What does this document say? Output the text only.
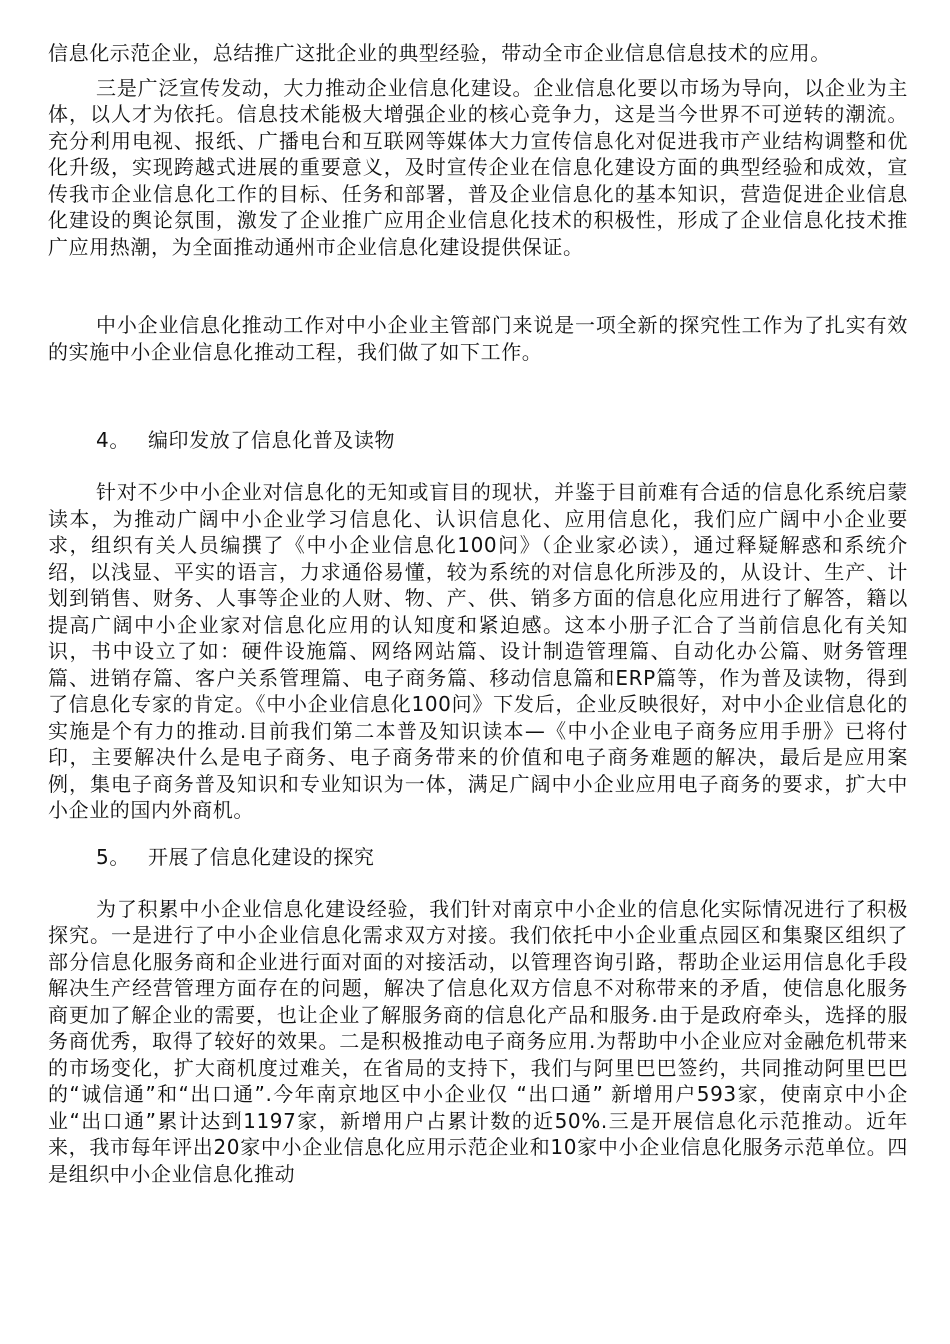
信息化示范企业，总结推广这批企业的典型经验，带动全市企业信息信息技术的应用。

三是广泛宣传发动，大力推动企业信息化建设。企业信息化要以市场为导向，以企业为主体，以人才为依托。信息技术能极大增强企业的核心竞争力，这是当今世界不可逆转的潮流。充分利用电视、报纸、广播电台和互联网等媒体大力宣传信息化对促进我市产业结构调整和优化升级，实现跨越式进展的重要意义，及时宣传企业在信息化建设方面的典型经验和成效，宣传我市企业信息化工作的目标、任务和部署，普及企业信息化的基本知识，营造促进企业信息化建设的舆论氛围，激发了企业推广应用企业信息化技术的积极性，形成了企业信息化技术推广应用热潮，为全面推动通州市企业信息化建设提供保证。

中小企业信息化推动工作对中小企业主管部门来说是一项全新的探究性工作为了扎实有效的实施中小企业信息化推动工程，我们做了如下工作。

4。 编印发放了信息化普及读物

针对不少中小企业对信息化的无知或盲目的现状，并鉴于目前难有合适的信息化系统启蒙读本，为推动广阔中小企业学习信息化、认识信息化、应用信息化，我们应广阔中小企业要求，组织有关人员编撰了《中小企业信息化100问》（企业家必读），通过释疑解惑和系统介绍，以浅显、平实的语言，力求通俗易懂，较为系统的对信息化所涉及的，从设计、生产、计划到销售、财务、人事等企业的人财、物、产、供、销多方面的信息化应用进行了解答，籍以提高广阔中小企业家对信息化应用的认知度和紧迫感。这本小册子汇合了当前信息化有关知识，书中设立了如：硬件设施篇、网络网站篇、设计制造管理篇、自动化办公篇、财务管理篇、进销存篇、客户关系管理篇、电子商务篇、移动信息篇和ERP篇等，作为普及读物，得到了信息化专家的肯定。《中小企业信息化100问》下发后，企业反映很好，对中小企业信息化的实施是个有力的推动.目前我们第二本普及知识读本—《中小企业电子商务应用手册》已将付印，主要解决什么是电子商务、电子商务带来的价值和电子商务难题的解决，最后是应用案例，集电子商务普及知识和专业知识为一体，满足广阔中小企业应用电子商务的要求，扩大中小企业的国内外商机。

5。 开展了信息化建设的探究

为了积累中小企业信息化建设经验，我们针对南京中小企业的信息化实际情况进行了积极探究。一是进行了中小企业信息化需求双方对接。我们依托中小企业重点园区和集聚区组织了部分信息化服务商和企业进行面对面的对接活动，以管理咨询引路，帮助企业运用信息化手段解决生产经营管理方面存在的问题，解决了信息化双方信息不对称带来的矛盾，使信息化服务商更加了解企业的需要，也让企业了解服务商的信息化产品和服务.由于是政府牵头，选择的服务商优秀，取得了较好的效果。二是积极推动电子商务应用.为帮助中小企业应对金融危机带来的市场变化，扩大商机度过难关，在省局的支持下，我们与阿里巴巴签约，共同推动阿里巴巴的“诚信通”和“出口通”.今年南京地区中小企业仅 “出口通” 新增用户593家，使南京中小企业“出口通”累计达到1197家，新增用户占累计数的近50%.三是开展信息化示范推动。近年来，我市每年评出20家中小企业信息化应用示范企业和10家中小企业信息化服务示范单位。四是组织中小企业信息化推动
